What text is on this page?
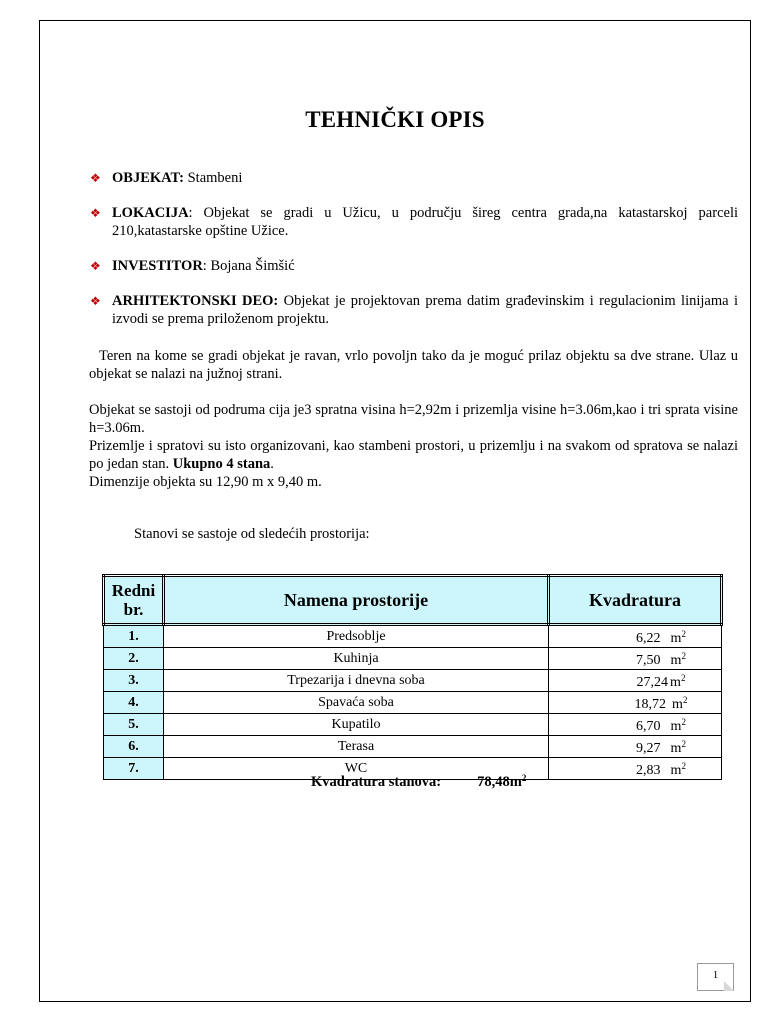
TEHNIČKI OPIS
❖ OBJEKAT: Stambeni
❖ LOKACIJA: Objekat se gradi u Užicu, u području šireg centra grada,na katastarskoj parceli 210,katastarske opštine Užice.
❖ INVESTITOR: Bojana Šimšić
❖ ARHITEKTONSKI DEO: Objekat je projektovan prema datim građevinskim i regulacionim linijama i izvodi se prema priloženom projektu.
Teren na kome se gradi objekat je ravan, vrlo povoljn tako da je moguć prilaz objektu sa dve strane. Ulaz u objekat se nalazi na južnoj strani.
Objekat se sastoji od podruma cija je3 spratna visina h=2,92m i prizemlja visine h=3.06m,kao i tri sprata visine h=3.06m.
Prizemlje i spratovi su isto organizovani, kao stambeni prostori, u prizemlju i na svakom od spratova se nalazi po jedan stan. Ukupno 4 stana.
Dimenzije objekta su 12,90 m x 9,40 m.
Stanovi se sastoje od sledećih prostorija:
Redni
br.	Namena prostorije	Kvadratura
1.	Predsoblje	6,22 $m^2$
2.	Kuhinja	7,50 $m^2$
3.	Trpezarija i dnevna soba	27,24 $m^2$
4.	Spavaća soba	18,72 $m^2$
5.	Kupatilo	6,70 $m^2$
6.	Terasa	9,27 $m^2$
7.	WC	2,83 $m^2$
Kvadratura stanova: $78,48m^2$
1
